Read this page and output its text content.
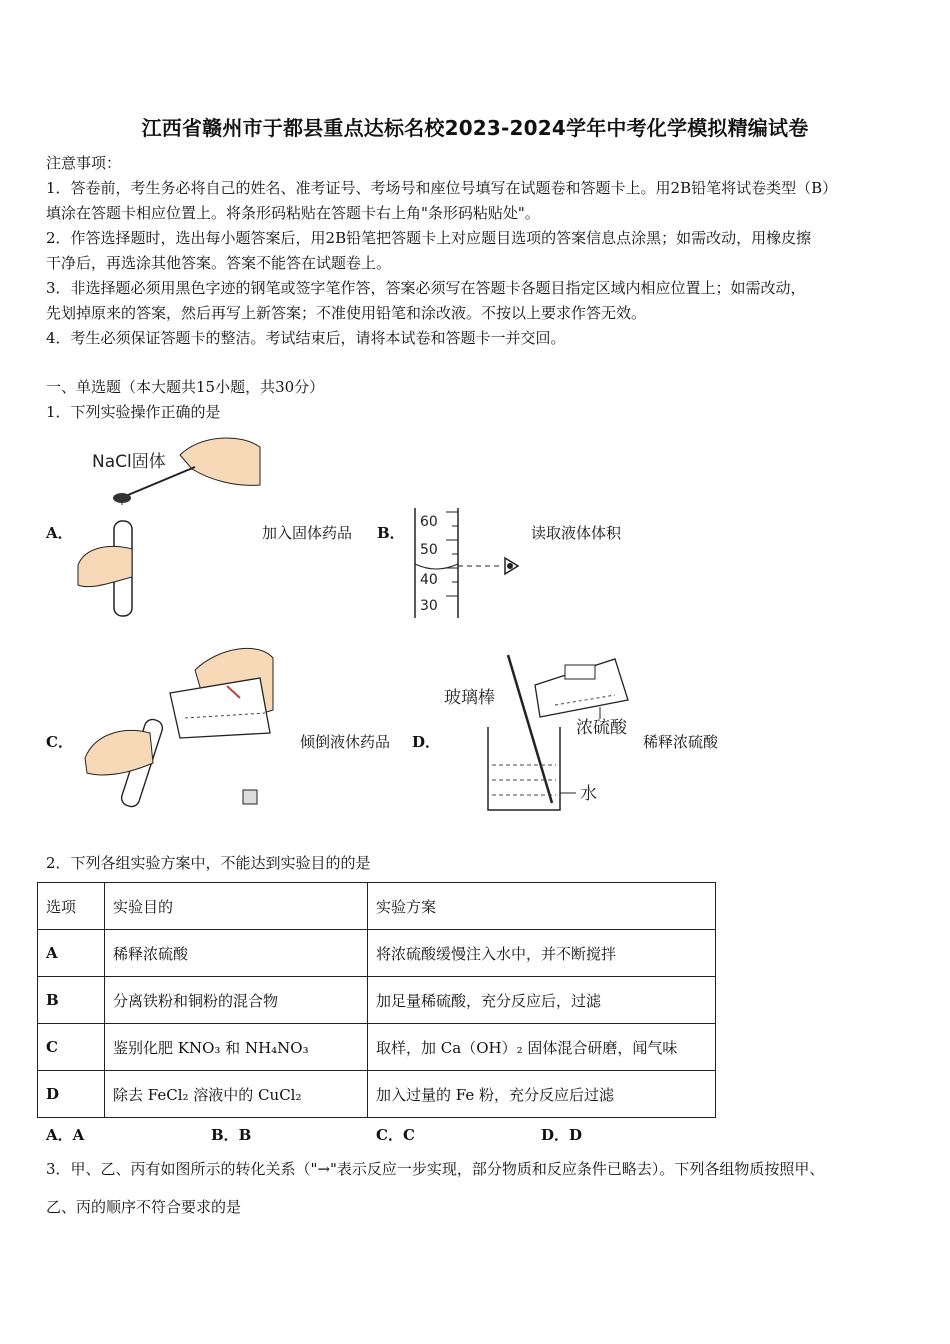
江西省赣州市于都县重点达标名校2023-2024学年中考化学模拟精编试卷
注意事项：
1．答卷前，考生务必将自己的姓名、准考证号、考场号和座位号填写在试题卷和答题卡上。用2B铅笔将试卷类型（B）
填涂在答题卡相应位置上。将条形码粘贴在答题卡右上角"条形码粘贴处"。
2．作答选择题时，选出每小题答案后，用2B铅笔把答题卡上对应题目选项的答案信息点涂黑；如需改动，用橡皮擦
干净后，再选涂其他答案。答案不能答在试题卷上。
3．非选择题必须用黑色字迹的钢笔或签字笔作答，答案必须写在答题卡各题目指定区域内相应位置上；如需改动，
先划掉原来的答案，然后再写上新答案；不准使用铅笔和涂改液。不按以上要求作答无效。
4．考生必须保证答题卡的整洁。考试结束后，请将本试卷和答题卡一并交回。
一、单选题（本大题共15小题，共30分）
1．下列实验操作正确的是
A．
NaCl固体
加入固体药品 B．
60
50
40
30
读取液体体积
C．	倾倒液休药品 D．
玻璃棒
浓硫酸
水
稀释浓硫酸
2．下列各组实验方案中，不能达到实验目的的是
选项	实验目的	实验方案
A	稀释浓硫酸	将浓硫酸缓慢注入水中，并不断搅拌
B	分离铁粉和铜粉的混合物	加足量稀硫酸，充分反应后，过滤
C	鉴别化肥 KNO₃ 和 NH₄NO₃	取样，加 Ca（OH）₂ 固体混合研磨，闻气味
D	除去 FeCl₂ 溶液中的 CuCl₂	加入过量的 Fe 粉，充分反应后过滤
A．A	B．B	C．C	D．D
3．甲、乙、丙有如图所示的转化关系（"→"表示反应一步实现，部分物质和反应条件已略去）。下列各组物质按照甲、
乙、丙的顺序不符合要求的是
